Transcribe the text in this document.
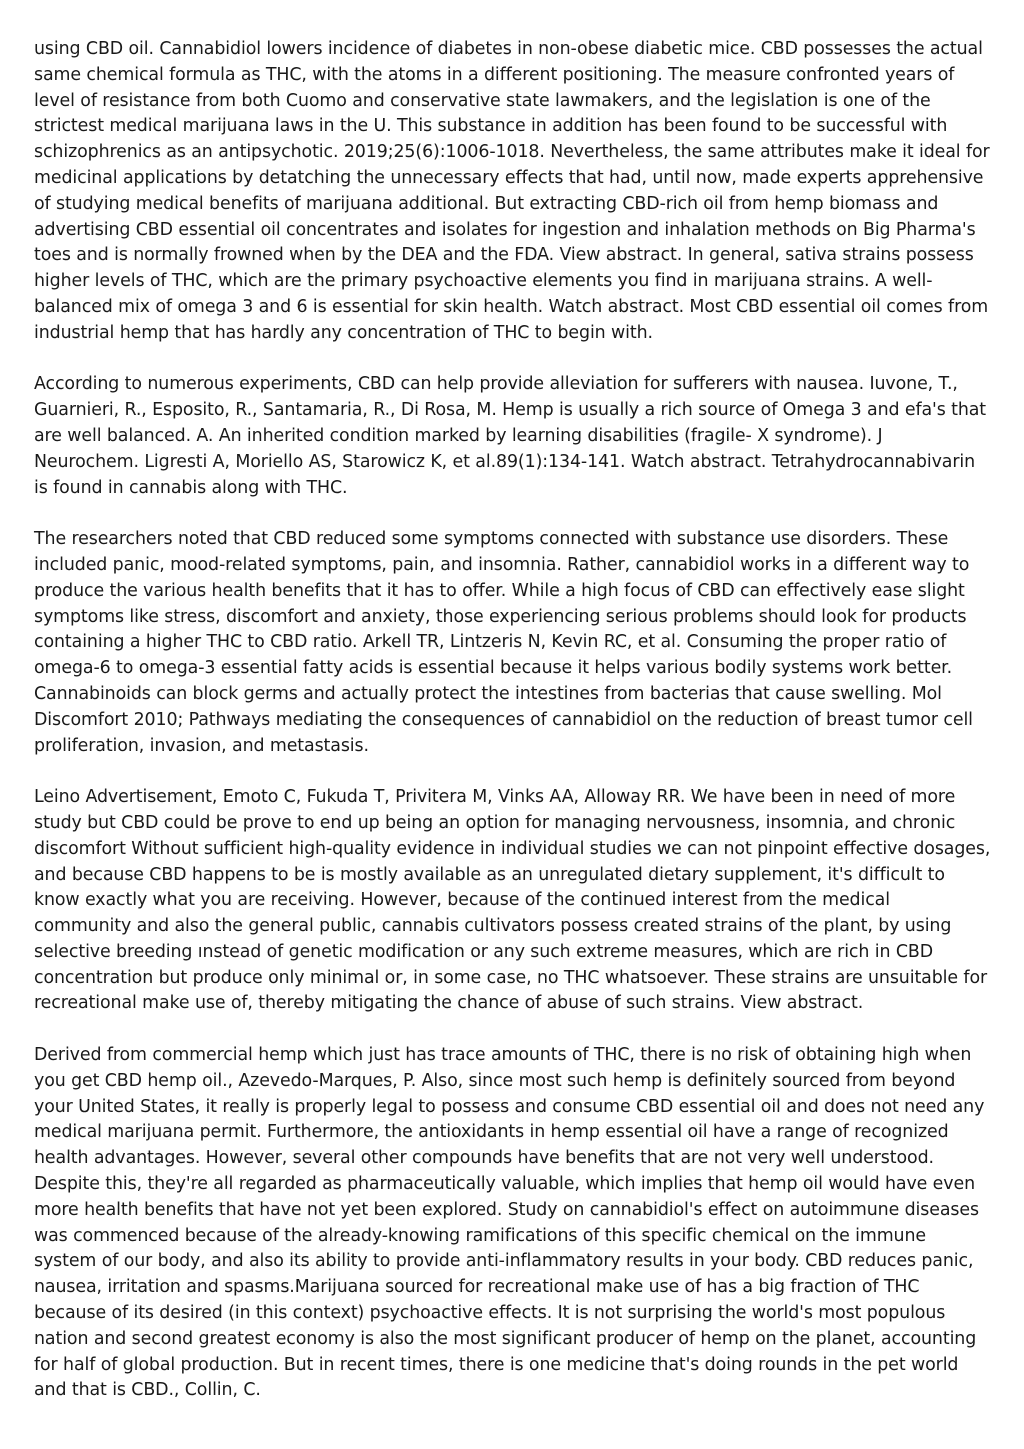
using CBD oil. Cannabidiol lowers incidence of diabetes in non-obese diabetic mice. CBD possesses the actual same chemical formula as THC, with the atoms in a different positioning. The measure confronted years of level of resistance from both Cuomo and conservative state lawmakers, and the legislation is one of the strictest medical marijuana laws in the U. This substance in addition has been found to be successful with schizophrenics as an antipsychotic. 2019;25(6):1006-1018. Nevertheless, the same attributes make it ideal for medicinal applications by detatching the unnecessary effects that had, until now, made experts apprehensive of studying medical benefits of marijuana additional. But extracting CBD-rich oil from hemp biomass and advertising CBD essential oil concentrates and isolates for ingestion and inhalation methods on Big Pharma's toes and is normally frowned when by the DEA and the FDA. View abstract. In general, sativa strains possess higher levels of THC, which are the primary psychoactive elements you find in marijuana strains. A well-balanced mix of omega 3 and 6 is essential for skin health. Watch abstract. Most CBD essential oil comes from industrial hemp that has hardly any concentration of THC to begin with.

According to numerous experiments, CBD can help provide alleviation for sufferers with nausea. Iuvone, T., Guarnieri, R., Esposito, R., Santamaria, R., Di Rosa, M. Hemp is usually a rich source of Omega 3 and efa's that are well balanced. A. An inherited condition marked by learning disabilities (fragile- X syndrome). J Neurochem. Ligresti A, Moriello AS, Starowicz K, et al.89(1):134-141. Watch abstract. Tetrahydrocannabivarin is found in cannabis along with THC.

The researchers noted that CBD reduced some symptoms connected with substance use disorders. These included panic, mood-related symptoms, pain, and insomnia. Rather, cannabidiol works in a different way to produce the various health benefits that it has to offer. While a high focus of CBD can effectively ease slight symptoms like stress, discomfort and anxiety, those experiencing serious problems should look for products containing a higher THC to CBD ratio. Arkell TR, Lintzeris N, Kevin RC, et al. Consuming the proper ratio of omega-6 to omega-3 essential fatty acids is essential because it helps various bodily systems work better. Cannabinoids can block germs and actually protect the intestines from bacterias that cause swelling. Mol Discomfort 2010; Pathways mediating the consequences of cannabidiol on the reduction of breast tumor cell proliferation, invasion, and metastasis.

Leino Advertisement, Emoto C, Fukuda T, Privitera M, Vinks AA, Alloway RR. We have been in need of more study but CBD could be prove to end up being an option for managing nervousness, insomnia, and chronic discomfort Without sufficient high-quality evidence in individual studies we can not pinpoint effective dosages, and because CBD happens to be is mostly available as an unregulated dietary supplement, it's difficult to know exactly what you are receiving. However, because of the continued interest from the medical community and also the general public, cannabis cultivators possess created strains of the plant, by using selective breeding ınstead of genetic modification or any such extreme measures, which are rich in CBD concentration but produce only minimal or, in some case, no THC whatsoever. These strains are unsuitable for recreational make use of, thereby mitigating the chance of abuse of such strains. View abstract.

Derived from commercial hemp which just has trace amounts of THC, there is no risk of obtaining high when you get CBD hemp oil., Azevedo-Marques, P. Also, since most such hemp is definitely sourced from beyond your United States, it really is properly legal to possess and consume CBD essential oil and does not need any medical marijuana permit. Furthermore, the antioxidants in hemp essential oil have a range of recognized health advantages. However, several other compounds have benefits that are not very well understood. Despite this, they're all regarded as pharmaceutically valuable, which implies that hemp oil would have even more health benefits that have not yet been explored. Study on cannabidiol's effect on autoimmune diseases was commenced because of the already-knowing ramifications of this specific chemical on the immune system of our body, and also its ability to provide anti-inflammatory results in your body. CBD reduces panic, nausea, irritation and spasms.Marijuana sourced for recreational make use of has a big fraction of THC because of its desired (in this context) psychoactive effects. It is not surprising the world's most populous nation and second greatest economy is also the most significant producer of hemp on the planet, accounting for half of global production. But in recent times, there is one medicine that's doing rounds in the pet world and that is CBD., Collin, C.
